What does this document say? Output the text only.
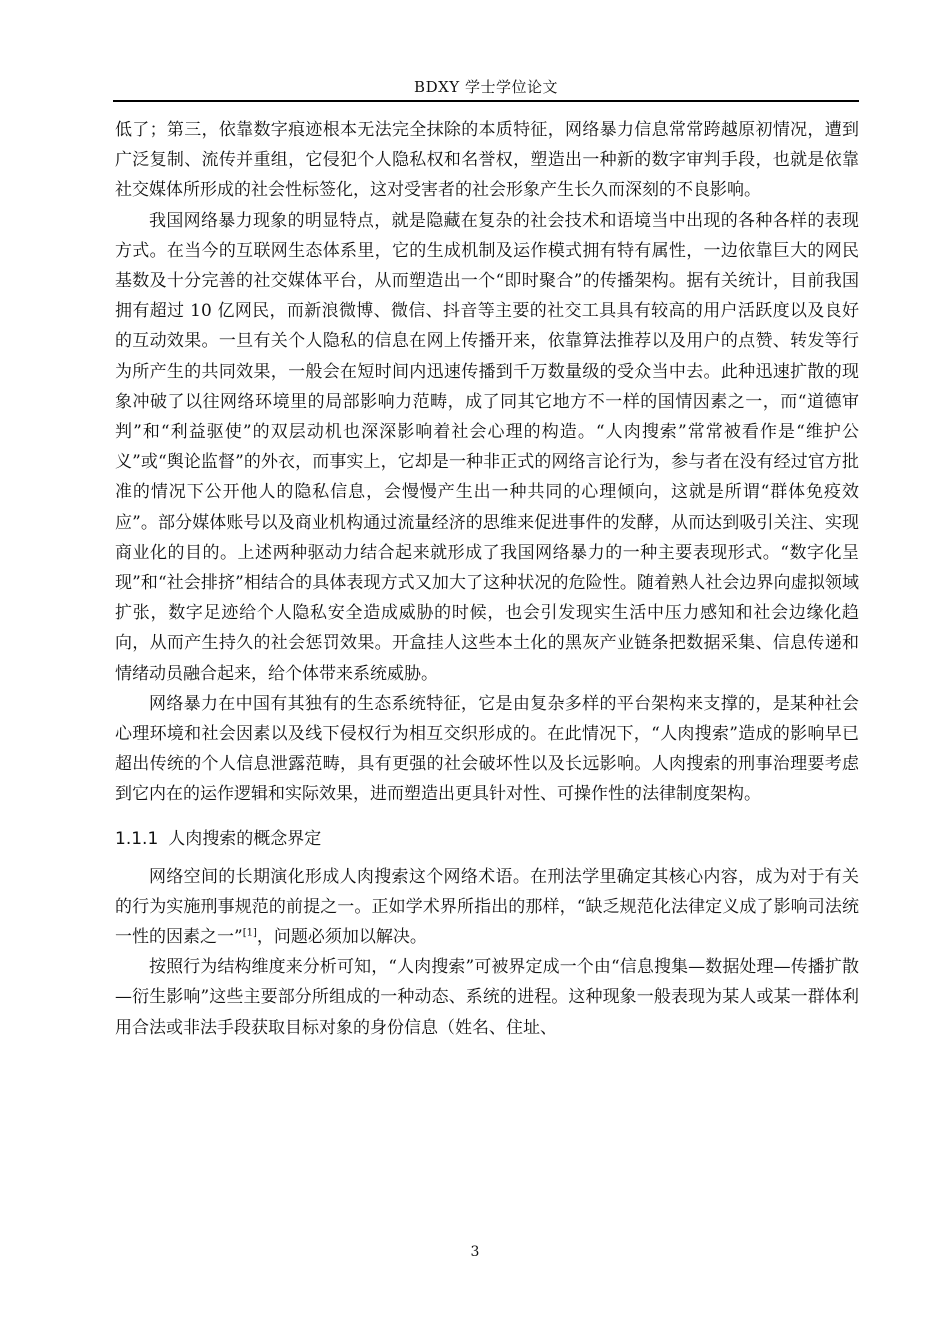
BDXY 学士学位论文

低了；第三，依靠数字痕迹根本无法完全抹除的本质特征，网络暴力信息常常跨越原初情况，遭到广泛复制、流传并重组，它侵犯个人隐私权和名誉权，塑造出一种新的数字审判手段，也就是依靠社交媒体所形成的社会性标签化，这对受害者的社会形象产生长久而深刻的不良影响。

我国网络暴力现象的明显特点，就是隐藏在复杂的社会技术和语境当中出现的各种各样的表现方式。在当今的互联网生态体系里，它的生成机制及运作模式拥有特有属性，一边依靠巨大的网民基数及十分完善的社交媒体平台，从而塑造出一个“即时聚合”的传播架构。据有关统计，目前我国拥有超过 10 亿网民，而新浪微博、微信、抖音等主要的社交工具具有较高的用户活跃度以及良好的互动效果。一旦有关个人隐私的信息在网上传播开来，依靠算法推荐以及用户的点赞、转发等行为所产生的共同效果，一般会在短时间内迅速传播到千万数量级的受众当中去。此种迅速扩散的现象冲破了以往网络环境里的局部影响力范畴，成了同其它地方不一样的国情因素之一，而“道德审判”和“利益驱使”的双层动机也深深影响着社会心理的构造。“人肉搜索”常常被看作是“维护公义”或“舆论监督”的外衣，而事实上，它却是一种非正式的网络言论行为，参与者在没有经过官方批准的情况下公开他人的隐私信息，会慢慢产生出一种共同的心理倾向，这就是所谓“群体免疫效应”。部分媒体账号以及商业机构通过流量经济的思维来促进事件的发酵，从而达到吸引关注、实现商业化的目的。上述两种驱动力结合起来就形成了我国网络暴力的一种主要表现形式。“数字化呈现”和“社会排挤”相结合的具体表现方式又加大了这种状况的危险性。随着熟人社会边界向虚拟领域扩张，数字足迹给个人隐私安全造成威胁的时候，也会引发现实生活中压力感知和社会边缘化趋向，从而产生持久的社会惩罚效果。开盒挂人这些本土化的黑灰产业链条把数据采集、信息传递和情绪动员融合起来，给个体带来系统威胁。

网络暴力在中国有其独有的生态系统特征，它是由复杂多样的平台架构来支撑的，是某种社会心理环境和社会因素以及线下侵权行为相互交织形成的。在此情况下，“人肉搜索”造成的影响早已超出传统的个人信息泄露范畴，具有更强的社会破坏性以及长远影响。人肉搜索的刑事治理要考虑到它内在的运作逻辑和实际效果，进而塑造出更具针对性、可操作性的法律制度架构。

1.1.1 人肉搜索的概念界定

网络空间的长期演化形成人肉搜索这个网络术语。在刑法学里确定其核心内容，成为对于有关的行为实施刑事规范的前提之一。正如学术界所指出的那样，“缺乏规范化法律定义成了影响司法统一性的因素之一”[1]，问题必须加以解决。

按照行为结构维度来分析可知，“人肉搜索”可被界定成一个由“信息搜集—数据处理—传播扩散—衍生影响”这些主要部分所组成的一种动态、系统的进程。这种现象一般表现为某人或某一群体利用合法或非法手段获取目标对象的身份信息（姓名、住址、

3
